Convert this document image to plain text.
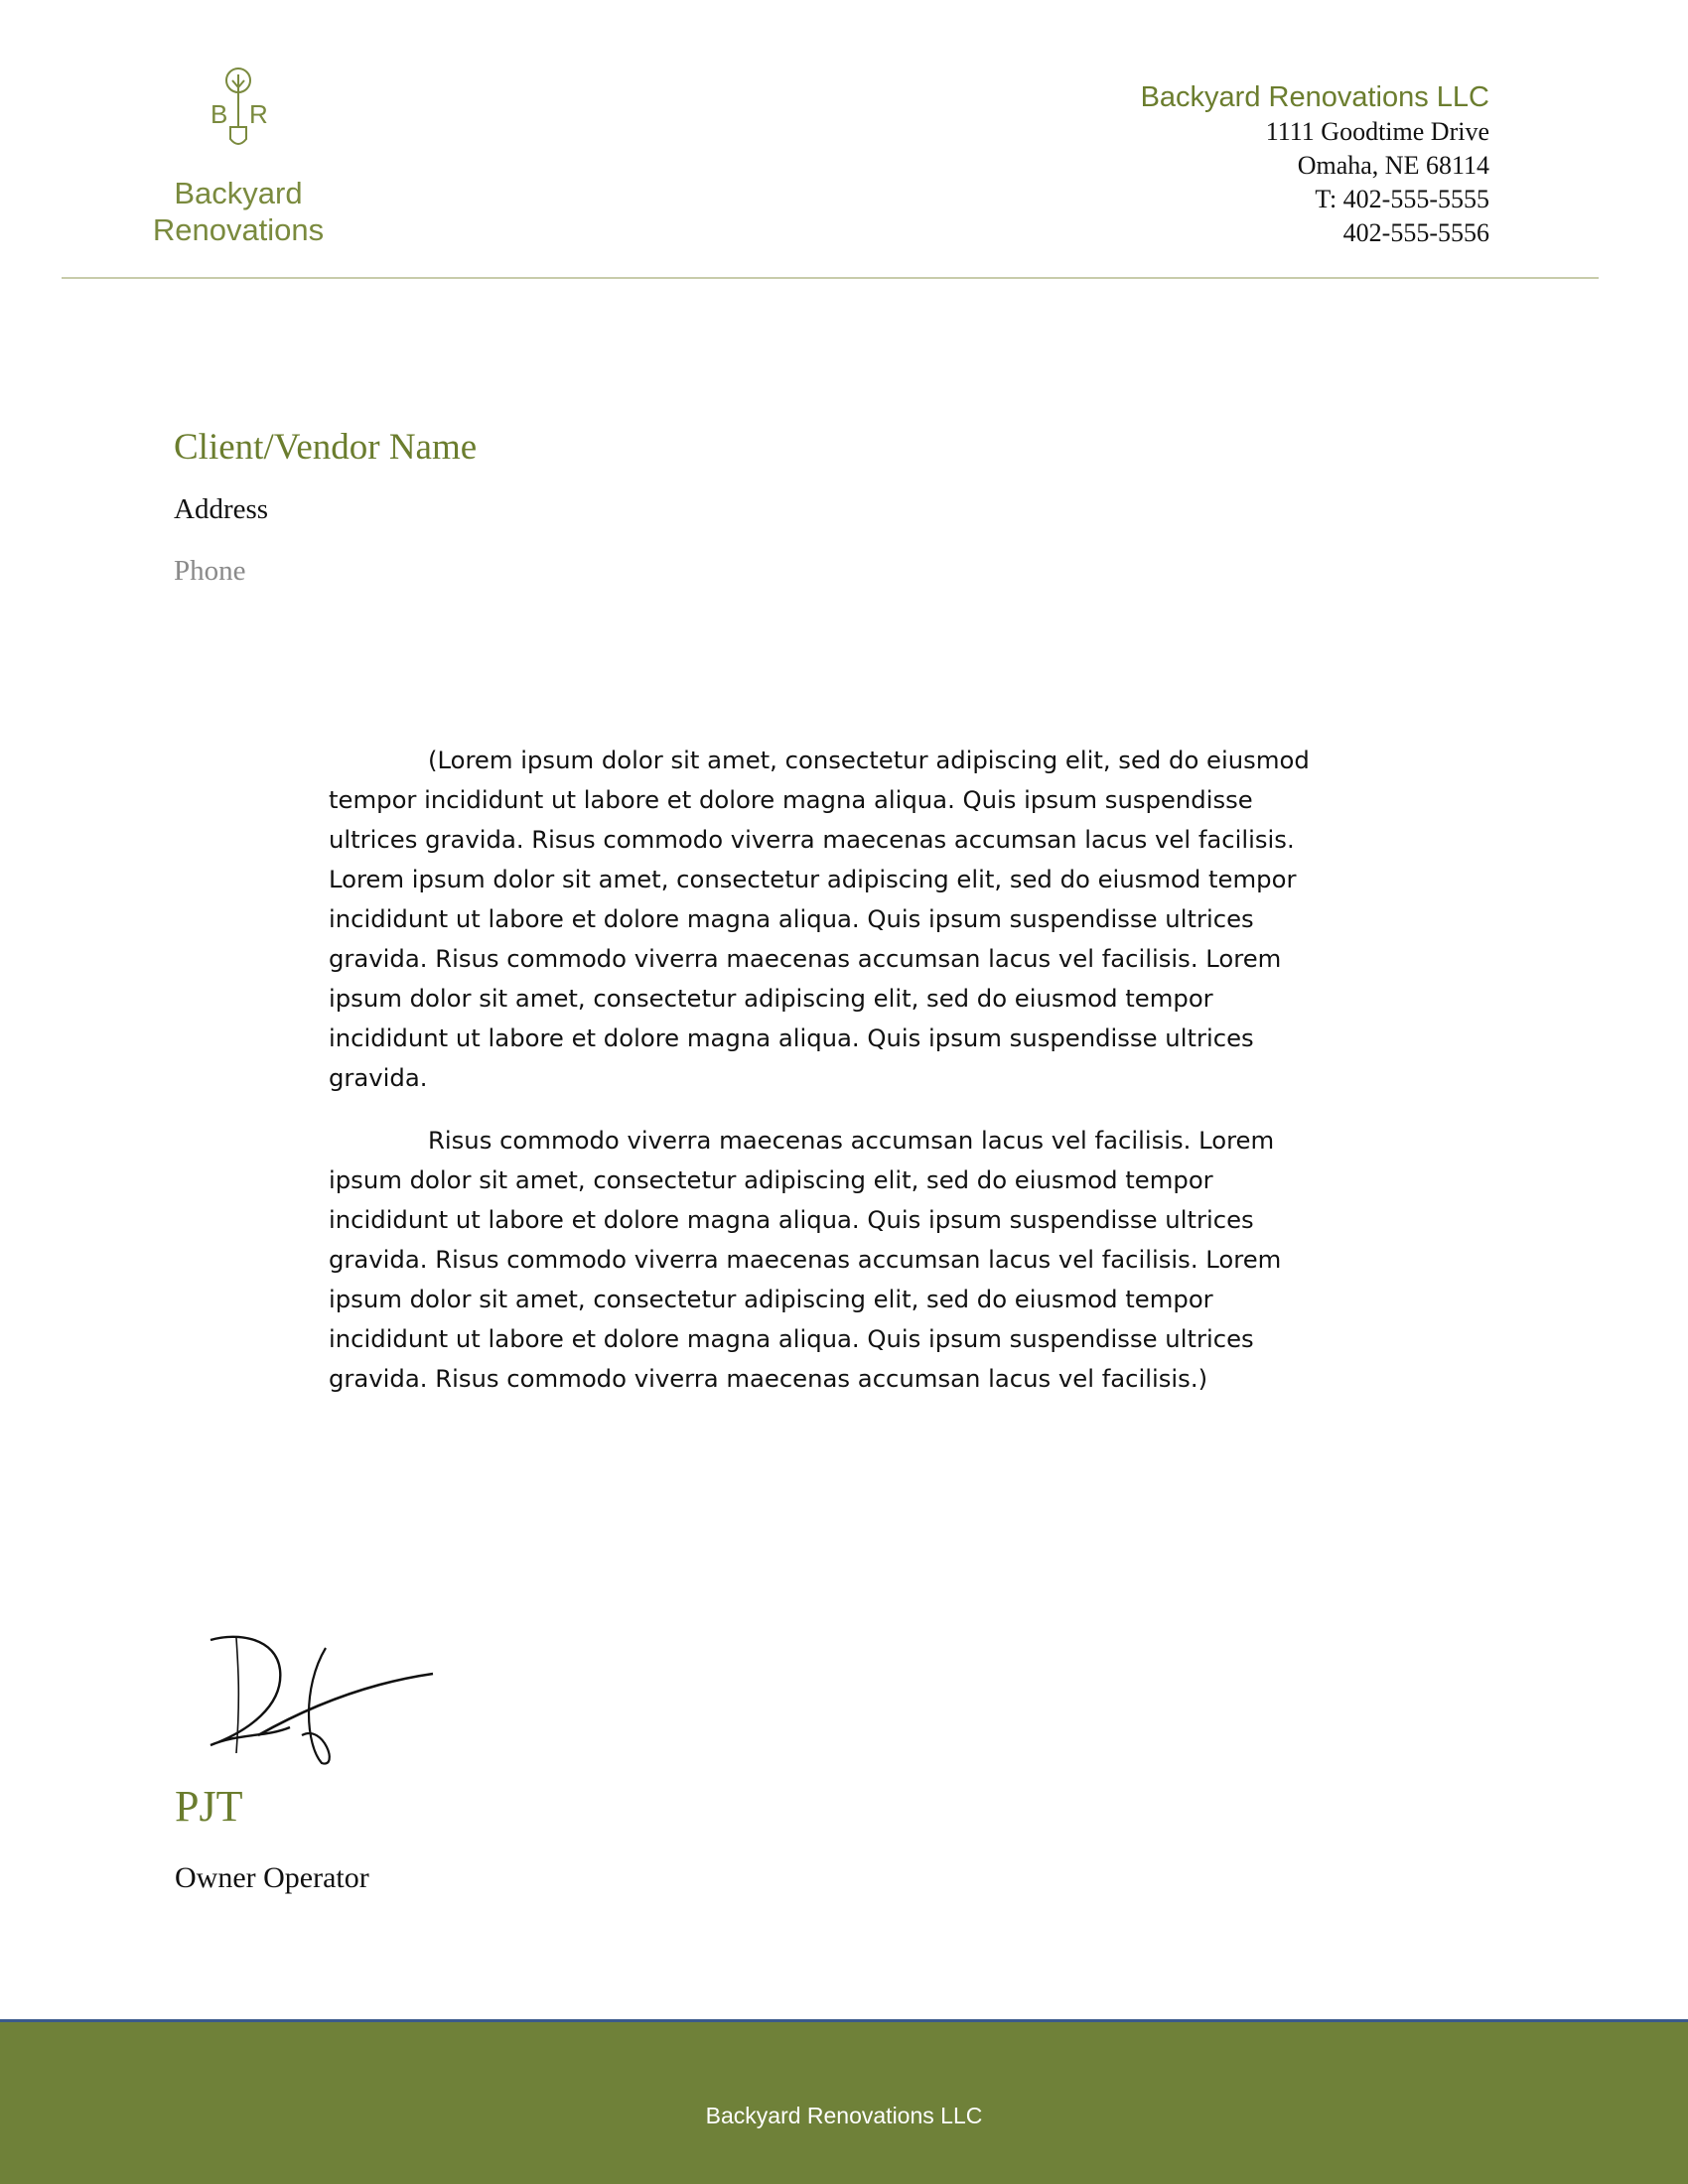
B R
Backyard
Renovations
Backyard Renovations LLC
1111 Goodtime Drive
Omaha, NE 68114
T: 402-555-5555
402-555-5556
Client/Vendor Name
Address
Phone

(Lorem ipsum dolor sit amet, consectetur adipiscing elit, sed do eiusmod tempor incididunt ut labore et dolore magna aliqua. Quis ipsum suspendisse ultrices gravida. Risus commodo viverra maecenas accumsan lacus vel facilisis. Lorem ipsum dolor sit amet, consectetur adipiscing elit, sed do eiusmod tempor incididunt ut labore et dolore magna aliqua. Quis ipsum suspendisse ultrices gravida. Risus commodo viverra maecenas accumsan lacus vel facilisis. Lorem ipsum dolor sit amet, consectetur adipiscing elit, sed do eiusmod tempor incididunt ut labore et dolore magna aliqua. Quis ipsum suspendisse ultrices gravida.

Risus commodo viverra maecenas accumsan lacus vel facilisis. Lorem ipsum dolor sit amet, consectetur adipiscing elit, sed do eiusmod tempor incididunt ut labore et dolore magna aliqua. Quis ipsum suspendisse ultrices gravida. Risus commodo viverra maecenas accumsan lacus vel facilisis. Lorem ipsum dolor sit amet, consectetur adipiscing elit, sed do eiusmod tempor incididunt ut labore et dolore magna aliqua. Quis ipsum suspendisse ultrices gravida. Risus commodo viverra maecenas accumsan lacus vel facilisis.)

PJT
Owner Operator
Backyard Renovations LLC
